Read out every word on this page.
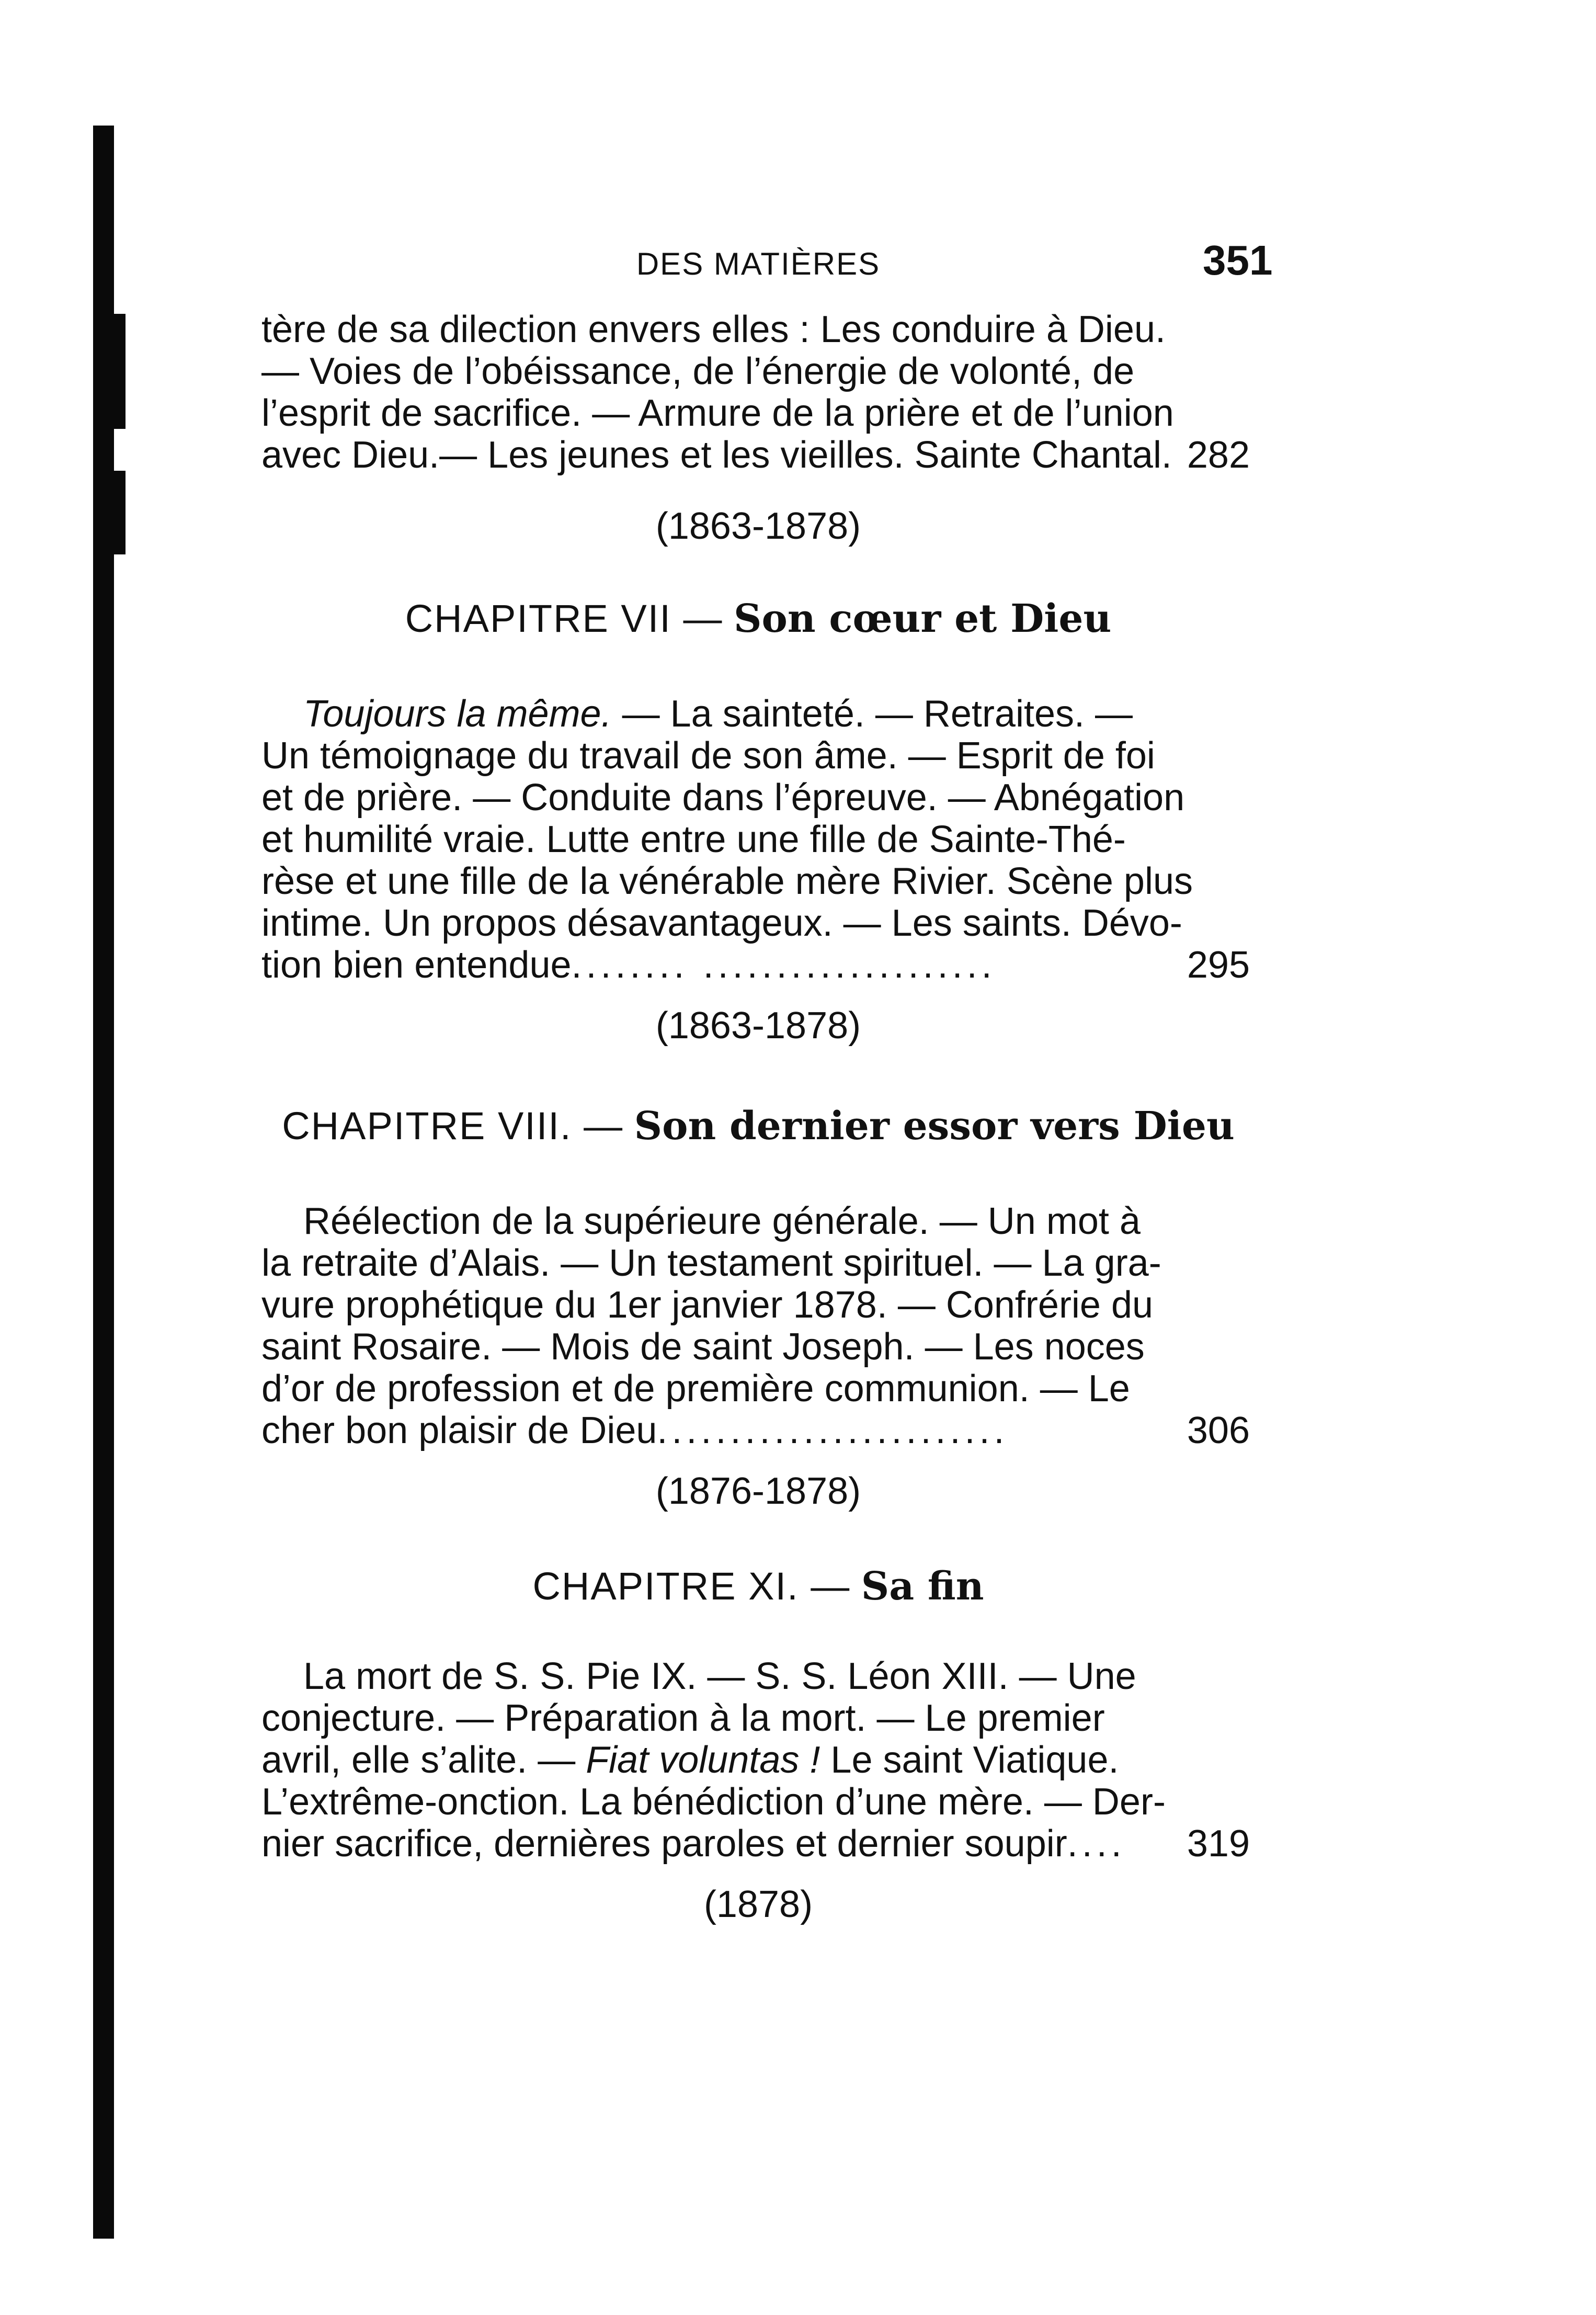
DES MATIÈRES	351
tère de sa dilection envers elles : Les conduire à Dieu.
— Voies de l’obéissance, de l’énergie de volonté, de
l’esprit de sacrifice. — Armure de la prière et de l’union
avec Dieu.— Les jeunes et les vieilles. Sainte Chantal. 282
(1863-1878)
CHAPITRE VII — Son cœur et Dieu
Toujours la même. — La sainteté. — Retraites. —
Un témoignage du travail de son âme. — Esprit de foi
et de prière. — Conduite dans l’épreuve. — Abnégation
et humilité vraie. Lutte entre une fille de Sainte-Thé-
rèse et une fille de la vénérable mère Rivier. Scène plus
intime. Un propos désavantageux. — Les saints. Dévo-
tion bien entendue........ ....................	295
(1863-1878)
CHAPITRE VIII. — Son dernier essor vers Dieu
Réélection de la supérieure générale. — Un mot à
la retraite d’Alais. — Un testament spirituel. — La gra-
vure prophétique du 1er janvier 1878. — Confrérie du
saint Rosaire. — Mois de saint Joseph. — Les noces
d’or de profession et de première communion. — Le
cher bon plaisir de Dieu........................	306
(1876-1878)
CHAPITRE XI. — Sa fin
La mort de S. S. Pie IX. — S. S. Léon XIII. — Une
conjecture. — Préparation à la mort. — Le premier
avril, elle s’alite. — Fiat voluntas ! Le saint Viatique.
L’extrême-onction. La bénédiction d’une mère. — Der-
nier sacrifice, dernières paroles et dernier soupir.... 319
(1878)
